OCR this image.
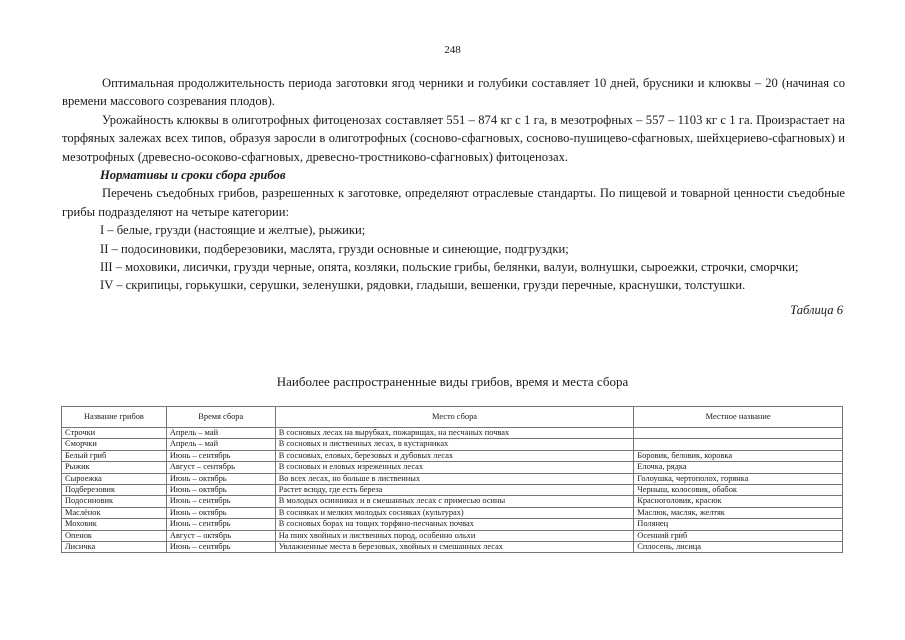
248

Оптимальная продолжительность периода заготовки ягод черники и голубики составляет 10 дней, брусники и клюквы – 20 (начиная со времени массового созревания плодов).

Урожайность клюквы в олиготрофных фитоценозах составляет 551 – 874 кг с 1 га, в мезотрофных – 557 – 1103 кг с 1 га. Произрастает на торфяных залежах всех типов, образуя заросли в олиготрофных (сосново-сфагновых, сосново-пушицево-сфагновых, шейхцериево-сфагновых) и мезотрофных (древесно-осоково-сфагновых, древесно-тростниково-сфагновых) фитоценозах.

Нормативы и сроки сбора грибов

Перечень съедобных грибов, разрешенных к заготовке, определяют отраслевые стандарты. По пищевой и товарной ценности съедобные грибы подразделяют на четыре категории:

I – белые, грузди (настоящие и желтые), рыжики;

II – подосиновики, подберезовики, маслята, грузди основные и синеющие, подгруздки;

III – моховики, лисички, грузди черные, опята, козляки, польские грибы, белянки, валуи, волнушки, сыроежки, строчки, сморчки;

IV – скрипицы, горькушки, серушки, зеленушки, рядовки, гладыши, вешенки, грузди перечные, краснушки, толстушки.

Таблица 6

Наиболее распространенные виды грибов, время и места сбора
Название грибов	Время сбора	Место сбора	Местное название
Строчки	Апрель – май	В сосновых лесах на вырубках, пожарищах, на песчаных почвах	
Сморчки	Апрель – май	В сосновых и лиственных лесах, в кустарниках	
Белый гриб	Июнь – сентябрь	В сосновых, еловых, березовых и дубовых лесах	Боровик, беловик, коровка
Рыжик	Август – сентябрь	В сосновых и еловых изреженных лесах	Елочка, рядка
Сыроежка	Июнь – октябрь	Во всех лесах, но больше в лиственных	Голоушка, чертополох, горянка
Подберезовик	Июнь – октябрь	Растет всюду, где есть береза	Черныш, колосовик, обабок
Подосиновик	Июнь – сентябрь	В молодых осинниках и в смешанных лесах с примесью осины	Красноголовик, красюк
Маслёнок	Июнь – октябрь	В сосняках и мелких молодых сосняках (культурах)	Маслюк, масляк, желтяк
Моховик	Июнь – сентябрь	В сосновых борах на тощих торфяно-песчаных почвах	Полянец
Опенок	Август – октябрь	На пнях хвойных и лиственных пород, особенно ольхи	Осенний гриб
Лисичка	Июнь – сентябрь	Увлажненные места в березовых, хвойных и смешанных лесах	Сплосень, лисица
